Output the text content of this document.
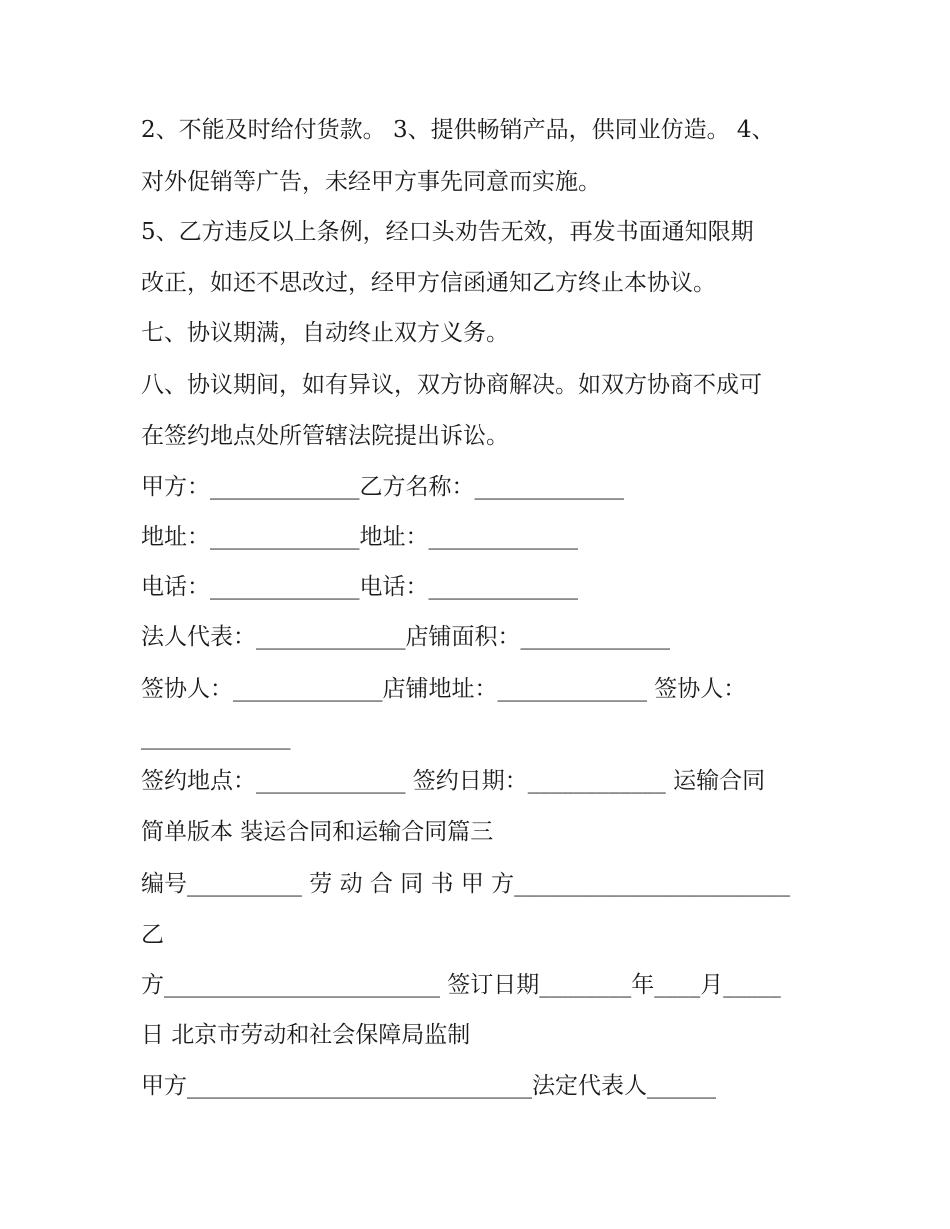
2、不能及时给付货款。 3、提供畅销产品，供同业仿造。 4、
对外促销等广告，未经甲方事先同意而实施。
5、乙方违反以上条例，经口头劝告无效，再发书面通知限期
改正，如还不思改过，经甲方信函通知乙方终止本协议。
七、协议期满，自动终止双方义务。
八、协议期间，如有异议，双方协商解决。如双方协商不成可
在签约地点处所管辖法院提出诉讼。
甲方：_____________乙方名称：_____________
地址：_____________地址：_____________
电话：_____________电话：_____________
法人代表：_____________店铺面积：_____________
签协人：_____________店铺地址：_____________ 签协人：
_____________
签约地点：_____________ 签约日期：____________ 运输合同
简单版本 装运合同和运输合同篇三
编号__________ 劳 动 合 同 书 甲 方________________________
乙
方________________________ 签订日期________年____月_____
日 北京市劳动和社会保障局监制
甲方______________________________法定代表人______
